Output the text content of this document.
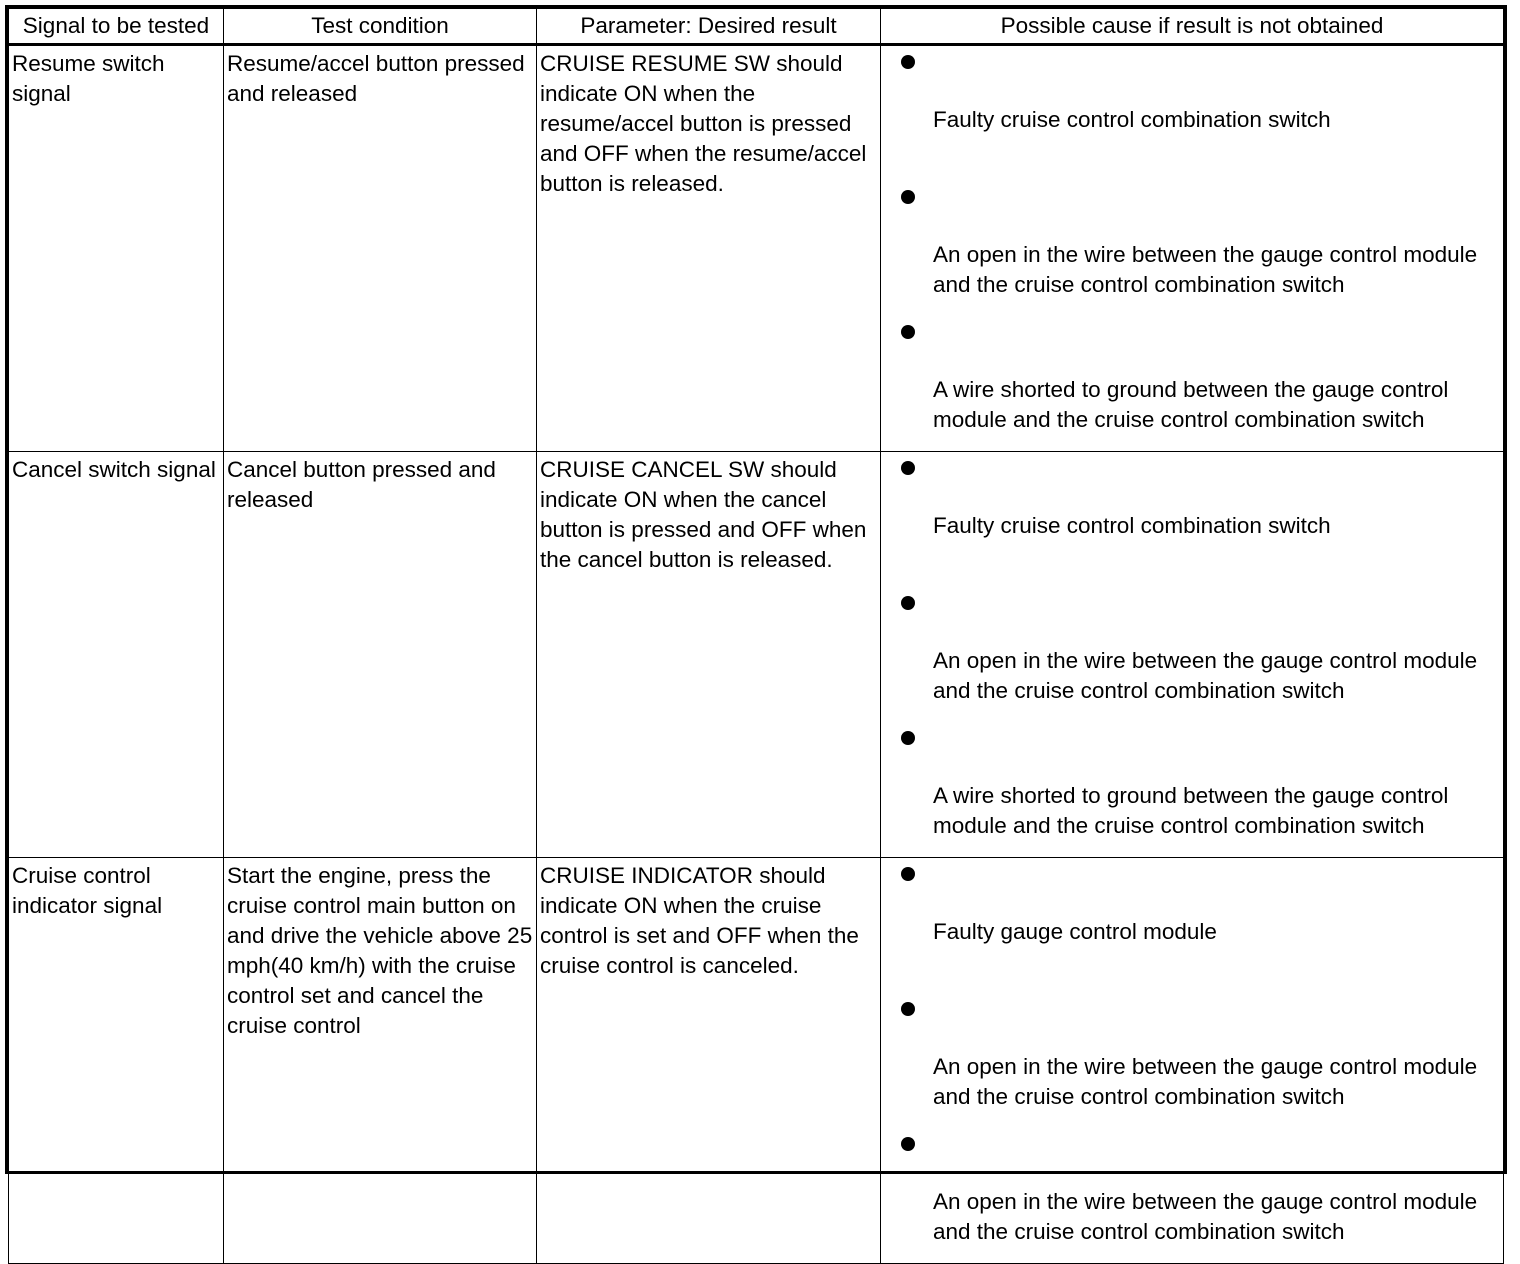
Signal to be tested	Test condition	Parameter: Desired result	Possible cause if result is not obtained
Resume switch signal	Resume/accel button pressed and released	CRUISE RESUME SW should indicate ON when the resume/accel button is pressed and OFF when the resume/accel button is released.	Faulty cruise control combination switch
An open in the wire between the gauge control module and the cruise control combination switch
A wire shorted to ground between the gauge control module and the cruise control combination switch

Cancel switch signal	Cancel button pressed and released	CRUISE CANCEL SW should indicate ON when the cancel button is pressed and OFF when the cancel button is released.	Faulty cruise control combination switch
An open in the wire between the gauge control module and the cruise control combination switch
A wire shorted to ground between the gauge control module and the cruise control combination switch

Cruise control indicator signal	Start the engine, press the cruise control main button on and drive the vehicle above 25 mph(40 km/h) with the cruise control set and cancel the cruise control	CRUISE INDICATOR should indicate ON when the cruise control is set and OFF when the cruise control is canceled.	Faulty gauge control module
An open in the wire between the gauge control module and the cruise control combination switch
An open in the wire between the gauge control module and the cruise control combination switch
